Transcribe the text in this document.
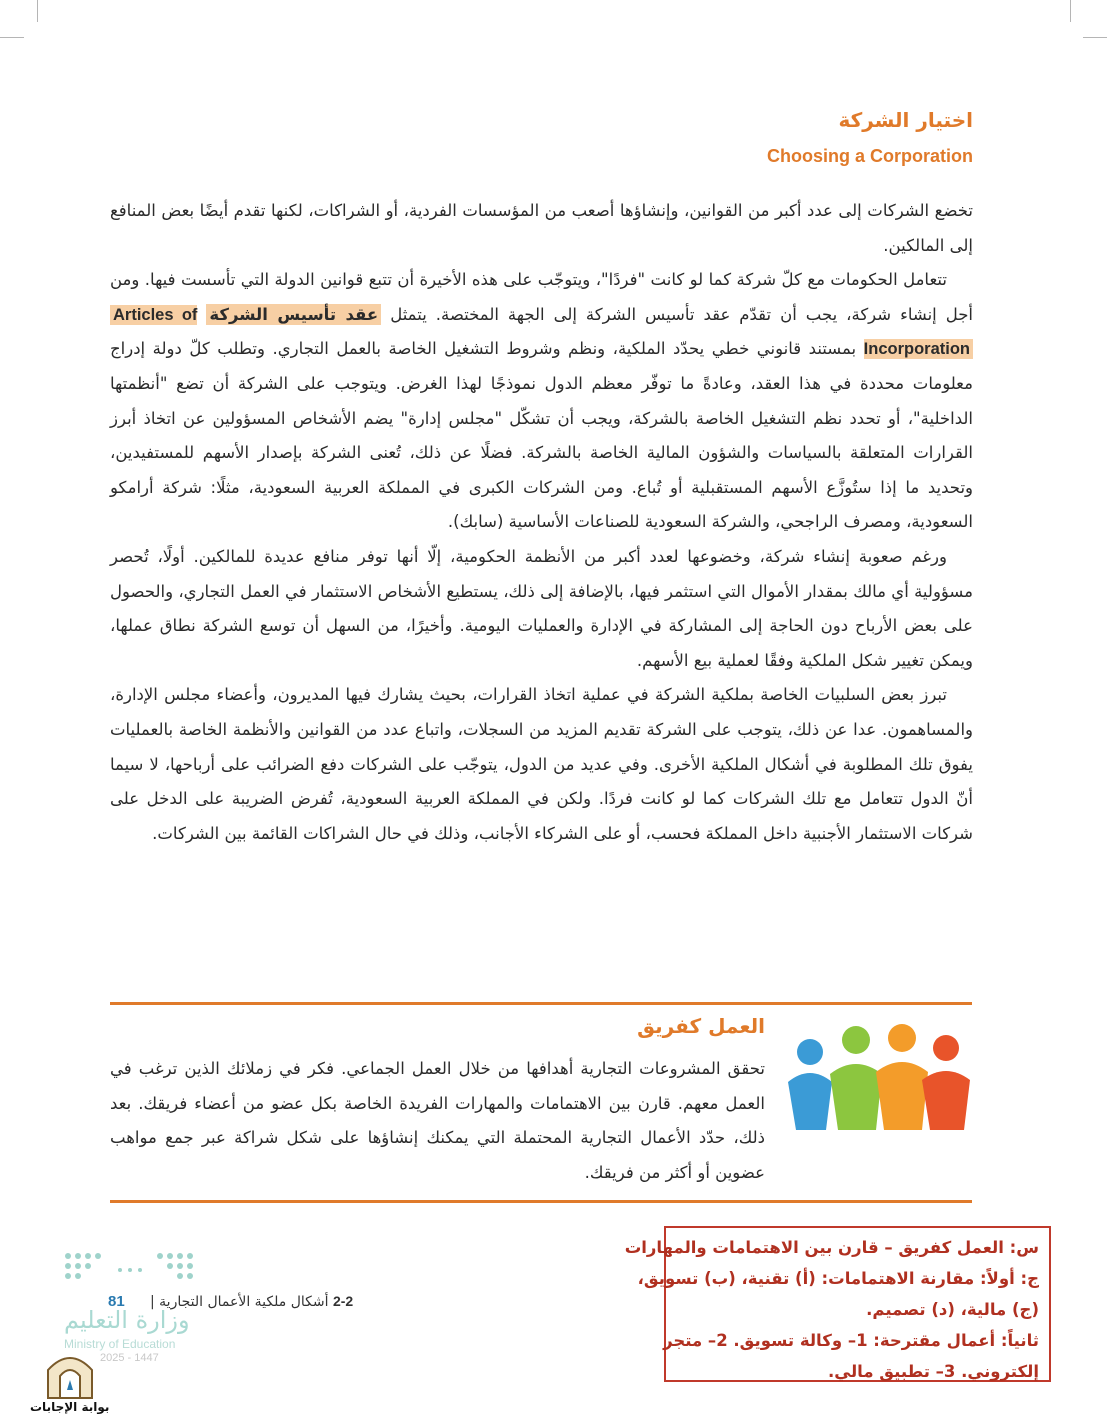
اختيار الشركة
Choosing a Corporation

تخضع الشركات إلى عدد أكبر من القوانين، وإنشاؤها أصعب من المؤسسات الفردية، أو الشراكات، لكنها تقدم أيضًا بعض المنافع إلى المالكين.

تتعامل الحكومات مع كلّ شركة كما لو كانت "فردًا"، ويتوجّب على هذه الأخيرة أن تتبع قوانين الدولة التي تأسست فيها. ومن أجل إنشاء شركة، يجب أن تقدّم عقد تأسيس الشركة إلى الجهة المختصة. يتمثل عقد تأسيس الشركة Articles of Incorporation بمستند قانوني خطي يحدّد الملكية، ونظم وشروط التشغيل الخاصة بالعمل التجاري. وتطلب كلّ دولة إدراج معلومات محددة في هذا العقد، وعادةً ما توفّر معظم الدول نموذجًا لهذا الغرض. ويتوجب على الشركة أن تضع "أنظمتها الداخلية"، أو تحدد نظم التشغيل الخاصة بالشركة، ويجب أن تشكّل "مجلس إدارة" يضم الأشخاص المسؤولين عن اتخاذ أبرز القرارات المتعلقة بالسياسات والشؤون المالية الخاصة بالشركة. فضلًا عن ذلك، تُعنى الشركة بإصدار الأسهم للمستفيدين، وتحديد ما إذا ستُوزَّع الأسهم المستقبلية أو تُباع. ومن الشركات الكبرى في المملكة العربية السعودية، مثلًا: شركة أرامكو السعودية، ومصرف الراجحي، والشركة السعودية للصناعات الأساسية (سابك).

ورغم صعوبة إنشاء شركة، وخضوعها لعدد أكبر من الأنظمة الحكومية، إلّا أنها توفر منافع عديدة للمالكين. أولًا، تُحصر مسؤولية أي مالك بمقدار الأموال التي استثمر فيها، بالإضافة إلى ذلك، يستطيع الأشخاص الاستثمار في العمل التجاري، والحصول على بعض الأرباح دون الحاجة إلى المشاركة في الإدارة والعمليات اليومية. وأخيرًا، من السهل أن توسع الشركة نطاق عملها، ويمكن تغيير شكل الملكية وفقًا لعملية بيع الأسهم.

تبرز بعض السلبيات الخاصة بملكية الشركة في عملية اتخاذ القرارات، بحيث يشارك فيها المديرون، وأعضاء مجلس الإدارة، والمساهمون. عدا عن ذلك، يتوجب على الشركة تقديم المزيد من السجلات، واتباع عدد من القوانين والأنظمة الخاصة بالعمليات يفوق تلك المطلوبة في أشكال الملكية الأخرى. وفي عديد من الدول، يتوجّب على الشركات دفع الضرائب على أرباحها، لا سيما أنّ الدول تتعامل مع تلك الشركات كما لو كانت فردًا. ولكن في المملكة العربية السعودية، تُفرض الضريبة على الدخل على شركات الاستثمار الأجنبية داخل المملكة فحسب، أو على الشركاء الأجانب، وذلك في حال الشراكات القائمة بين الشركات.

العمل كفريق

تحقق المشروعات التجارية أهدافها من خلال العمل الجماعي. فكر في زملائك الذين ترغب في العمل معهم. قارن بين الاهتمامات والمهارات الفريدة الخاصة بكل عضو من أعضاء فريقك. بعد ذلك، حدّد الأعمال التجارية المحتملة التي يمكنك إنشاؤها على شكل شراكة عبر جمع مواهب عضوين أو أكثر من فريقك.

س: العمل كفريق – قارن بين الاهتمامات والمهارات
ج: أولاً: مقارنة الاهتمامات: (أ) تقنية، (ب) تسويق،
(ج) مالية، (د) تصميم.
ثانياً: أعمال مقترحة: 1– وكالة تسويق. 2– متجر
إلكتروني. 3– تطبيق مالي.
وزارة التعليم
Ministry of Education
2025 - 1447
81	2-2 أشكال ملكية الأعمال التجارية |
بوابة الإجابات
